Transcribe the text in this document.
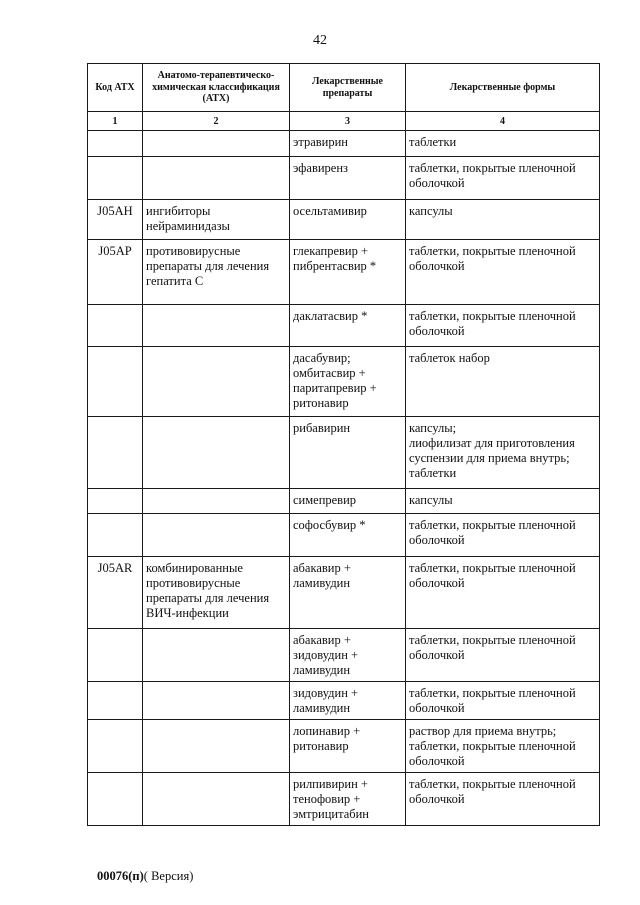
42
Код АТХ	Анатомо-терапевтическо-химическая классификация (АТХ)	Лекарственные препараты	Лекарственные формы
1	2	3	4
		этравирин	таблетки
		эфавиренз	таблетки, покрытые пленочной оболочкой
J05AH	ингибиторы нейраминидазы	осельтамивир	капсулы
J05AP	противовирусные препараты для лечения гепатита С	глекапревир + пибрентасвир *	таблетки, покрытые пленочной оболочкой
		даклатасвир *	таблетки, покрытые пленочной оболочкой
		дасабувир; омбитасвир + паритапревир + ритонавир	таблеток набор
		рибавирин	капсулы;
лиофилизат для приготовления суспензии для приема внутрь;
таблетки
		симепревир	капсулы
		софосбувир *	таблетки, покрытые пленочной оболочкой
J05AR	комбинированные противовирусные препараты для лечения ВИЧ-инфекции	абакавир + ламивудин	таблетки, покрытые пленочной оболочкой
		абакавир + зидовудин + ламивудин	таблетки, покрытые пленочной оболочкой
		зидовудин + ламивудин	таблетки, покрытые пленочной оболочкой
		лопинавир + ритонавир	раствор для приема внутрь;
таблетки, покрытые пленочной оболочкой
		рилпивирин + тенофовир + эмтрицитабин	таблетки, покрытые пленочной оболочкой
00076(п)( Версия)
